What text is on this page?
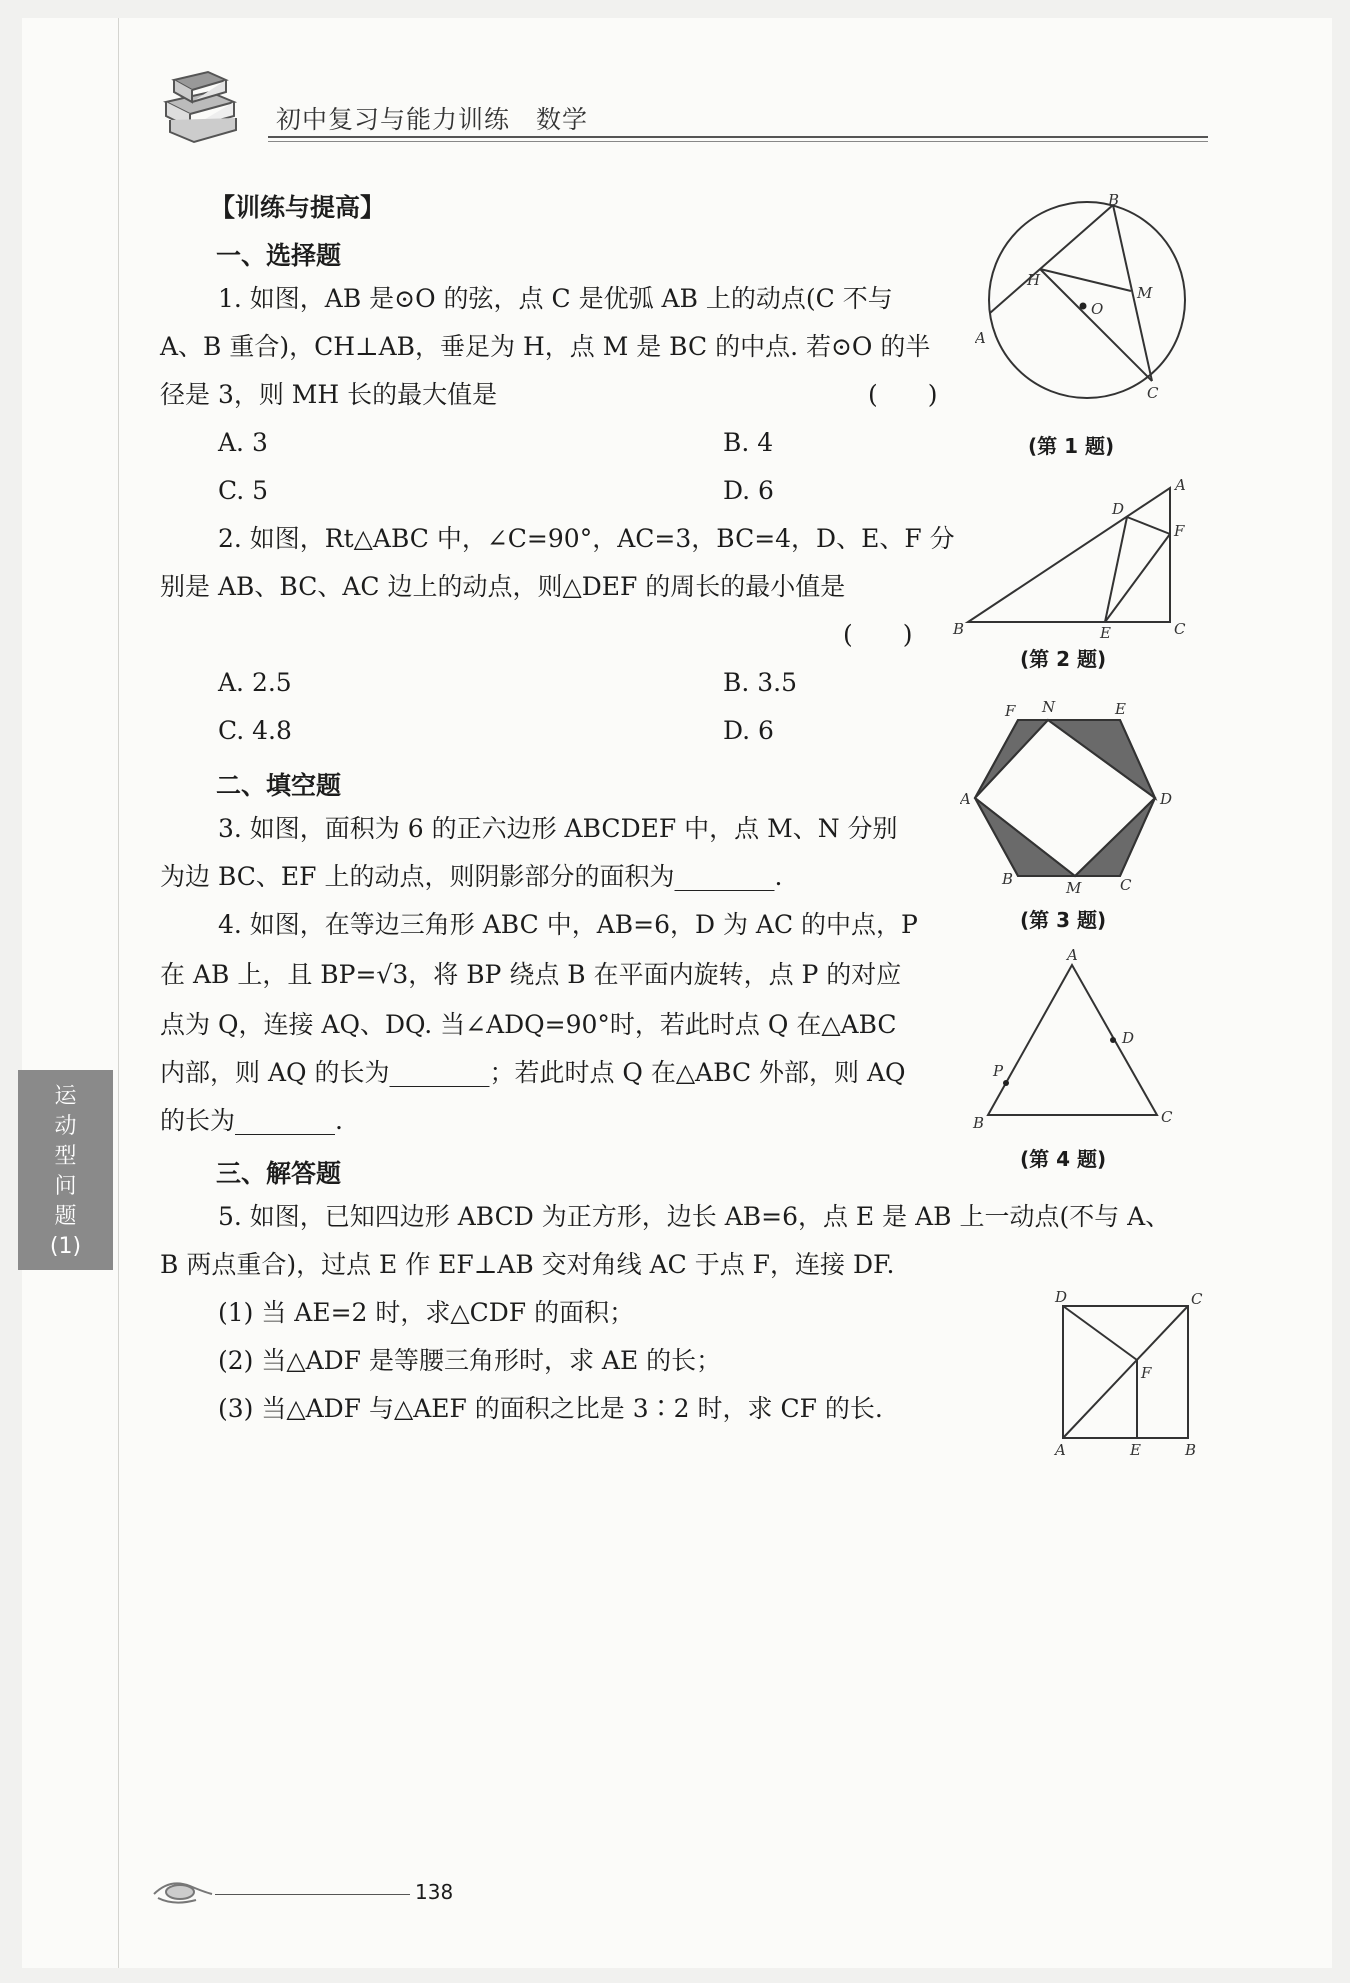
初中复习与能力训练　数学
【训练与提高】
一、选择题
1. 如图，AB 是⊙O 的弦，点 C 是优弧 AB 上的动点(C 不与
A、B 重合)，CH⊥AB，垂足为 H，点 M 是 BC 的中点. 若⊙O 的半
径是 3，则 MH 长的最大值是	(　　)
A. 3	B. 4
C. 5	D. 6
B
H
O
M
A
C
(第 1 题)
2. 如图，Rt△ABC 中，∠C=90°，AC=3，BC=4，D、E、F 分
别是 AB、BC、AC 边上的动点，则△DEF 的周长的最小值是
(　　)
A. 2.5	B. 3.5
C. 4.8	D. 6
A
D
F
B	E	C
(第 2 题)
二、填空题
3. 如图，面积为 6 的正六边形 ABCDEF 中，点 M、N 分别
为边 BC、EF 上的动点，则阴影部分的面积为________.
F N	E
A	D
B	M	C
(第 3 题)
4. 如图，在等边三角形 ABC 中，AB=6，D 为 AC 的中点，P
在 AB 上，且 BP=√3，将 BP 绕点 B 在平面内旋转，点 P 的对应
点为 Q，连接 AQ、DQ. 当∠ADQ=90°时，若此时点 Q 在△ABC
内部，则 AQ 的长为________；若此时点 Q 在△ABC 外部，则 AQ
的长为________.
A
D
P
B	C
(第 4 题)
三、解答题
5. 如图，已知四边形 ABCD 为正方形，边长 AB=6，点 E 是 AB 上一动点(不与 A、
B 两点重合)，过点 E 作 EF⊥AB 交对角线 AC 于点 F，连接 DF.
(1) 当 AE=2 时，求△CDF 的面积；
(2) 当△ADF 是等腰三角形时，求 AE 的长；
(3) 当△ADF 与△AEF 的面积之比是 3∶2 时，求 CF 的长.
D	C
F
A	E	B
运
动
型
问
题
(1)
138
